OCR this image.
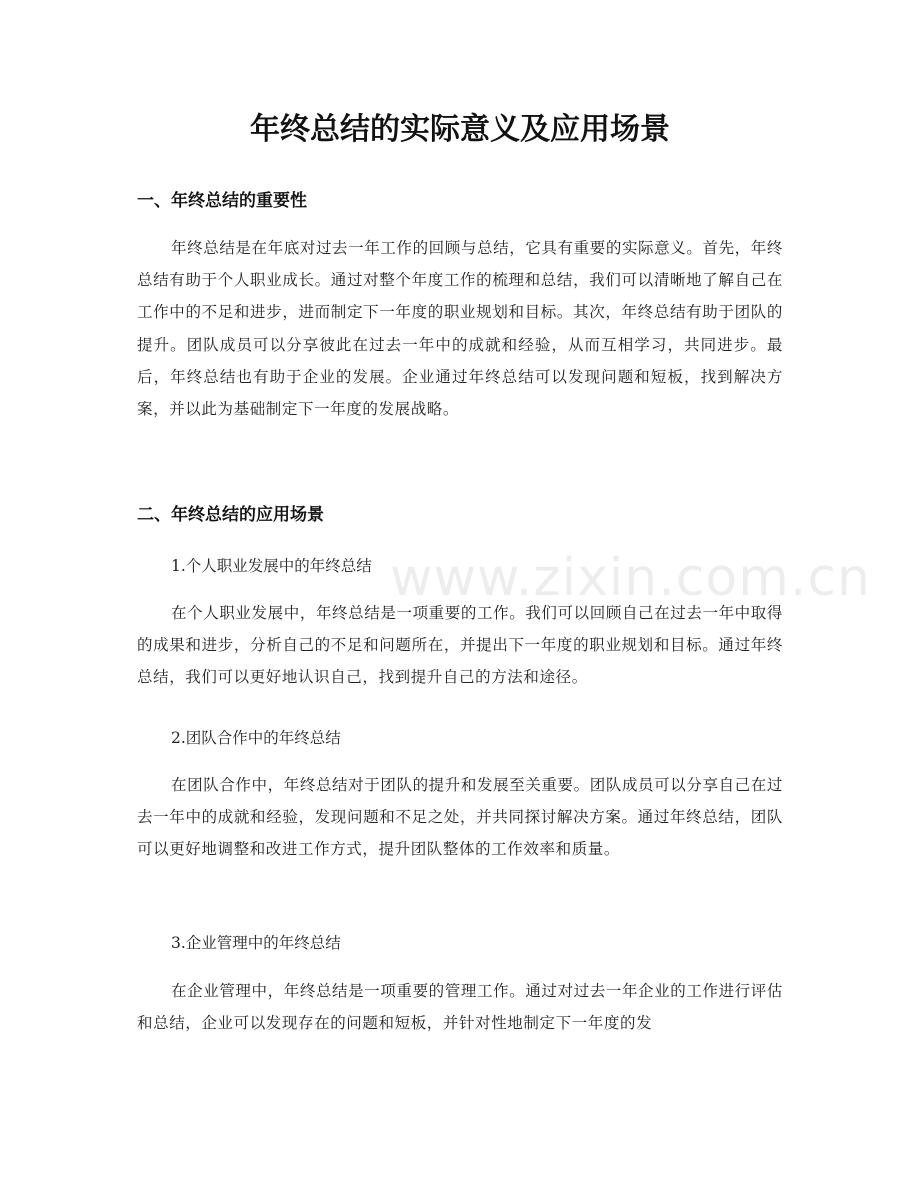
www.zixin.com.cn
年终总结的实际意义及应用场景
一、年终总结的重要性

年终总结是在年底对过去一年工作的回顾与总结，它具有重要的实际意义。首先，年终总结有助于个人职业成长。通过对整个年度工作的梳理和总结，我们可以清晰地了解自己在工作中的不足和进步，进而制定下一年度的职业规划和目标。其次，年终总结有助于团队的提升。团队成员可以分享彼此在过去一年中的成就和经验，从而互相学习，共同进步。最后，年终总结也有助于企业的发展。企业通过年终总结可以发现问题和短板，找到解决方案，并以此为基础制定下一年度的发展战略。

二、年终总结的应用场景
1.个人职业发展中的年终总结

在个人职业发展中，年终总结是一项重要的工作。我们可以回顾自己在过去一年中取得的成果和进步，分析自己的不足和问题所在，并提出下一年度的职业规划和目标。通过年终总结，我们可以更好地认识自己，找到提升自己的方法和途径。

2.团队合作中的年终总结

在团队合作中，年终总结对于团队的提升和发展至关重要。团队成员可以分享自己在过去一年中的成就和经验，发现问题和不足之处，并共同探讨解决方案。通过年终总结，团队可以更好地调整和改进工作方式，提升团队整体的工作效率和质量。

3.企业管理中的年终总结

在企业管理中，年终总结是一项重要的管理工作。通过对过去一年企业的工作进行评估和总结，企业可以发现存在的问题和短板，并针对性地制定下一年度的发
